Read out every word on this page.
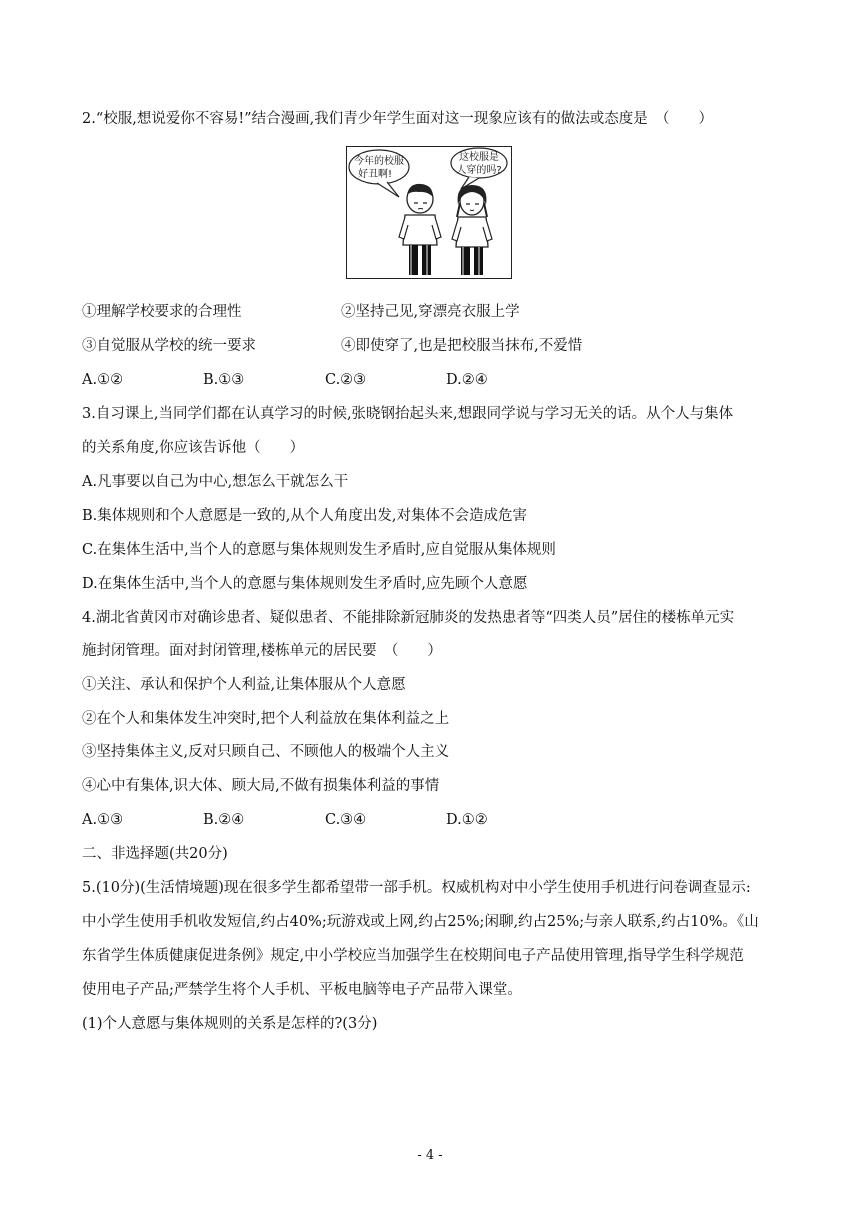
2.“校服,想说爱你不容易!”结合漫画,我们青少年学生面对这一现象应该有的做法或态度是　（　　）
今年的校服
好丑啊!
这校服是
人穿的吗?
①理解学校要求的合理性	②坚持己见,穿漂亮衣服上学
③自觉服从学校的统一要求	④即使穿了,也是把校服当抹布,不爱惜
A.①②	B.①③	C.②③	D.②④
3.自习课上,当同学们都在认真学习的时候,张晓钢抬起头来,想跟同学说与学习无关的话。从个人与集体
的关系角度,你应该告诉他（　　）
A.凡事要以自己为中心,想怎么干就怎么干
B.集体规则和个人意愿是一致的,从个人角度出发,对集体不会造成危害
C.在集体生活中,当个人的意愿与集体规则发生矛盾时,应自觉服从集体规则
D.在集体生活中,当个人的意愿与集体规则发生矛盾时,应先顾个人意愿
4.湖北省黄冈市对确诊患者、疑似患者、不能排除新冠肺炎的发热患者等“四类人员”居住的楼栋单元实
施封闭管理。面对封闭管理,楼栋单元的居民要　（　　）
①关注、承认和保护个人利益,让集体服从个人意愿
②在个人和集体发生冲突时,把个人利益放在集体利益之上
③坚持集体主义,反对只顾自己、不顾他人的极端个人主义
④心中有集体,识大体、顾大局,不做有损集体利益的事情
A.①③	B.②④	C.③④	D.①②
二、非选择题(共20分)
5.(10分)(生活情境题)现在很多学生都希望带一部手机。权威机构对中小学生使用手机进行问卷调查显示:
中小学生使用手机收发短信,约占40%;玩游戏或上网,约占25%;闲聊,约占25%;与亲人联系,约占10%。《山
东省学生体质健康促进条例》规定,中小学校应当加强学生在校期间电子产品使用管理,指导学生科学规范
使用电子产品;严禁学生将个人手机、平板电脑等电子产品带入课堂。
(1)个人意愿与集体规则的关系是怎样的?(3分)
- 4 -
